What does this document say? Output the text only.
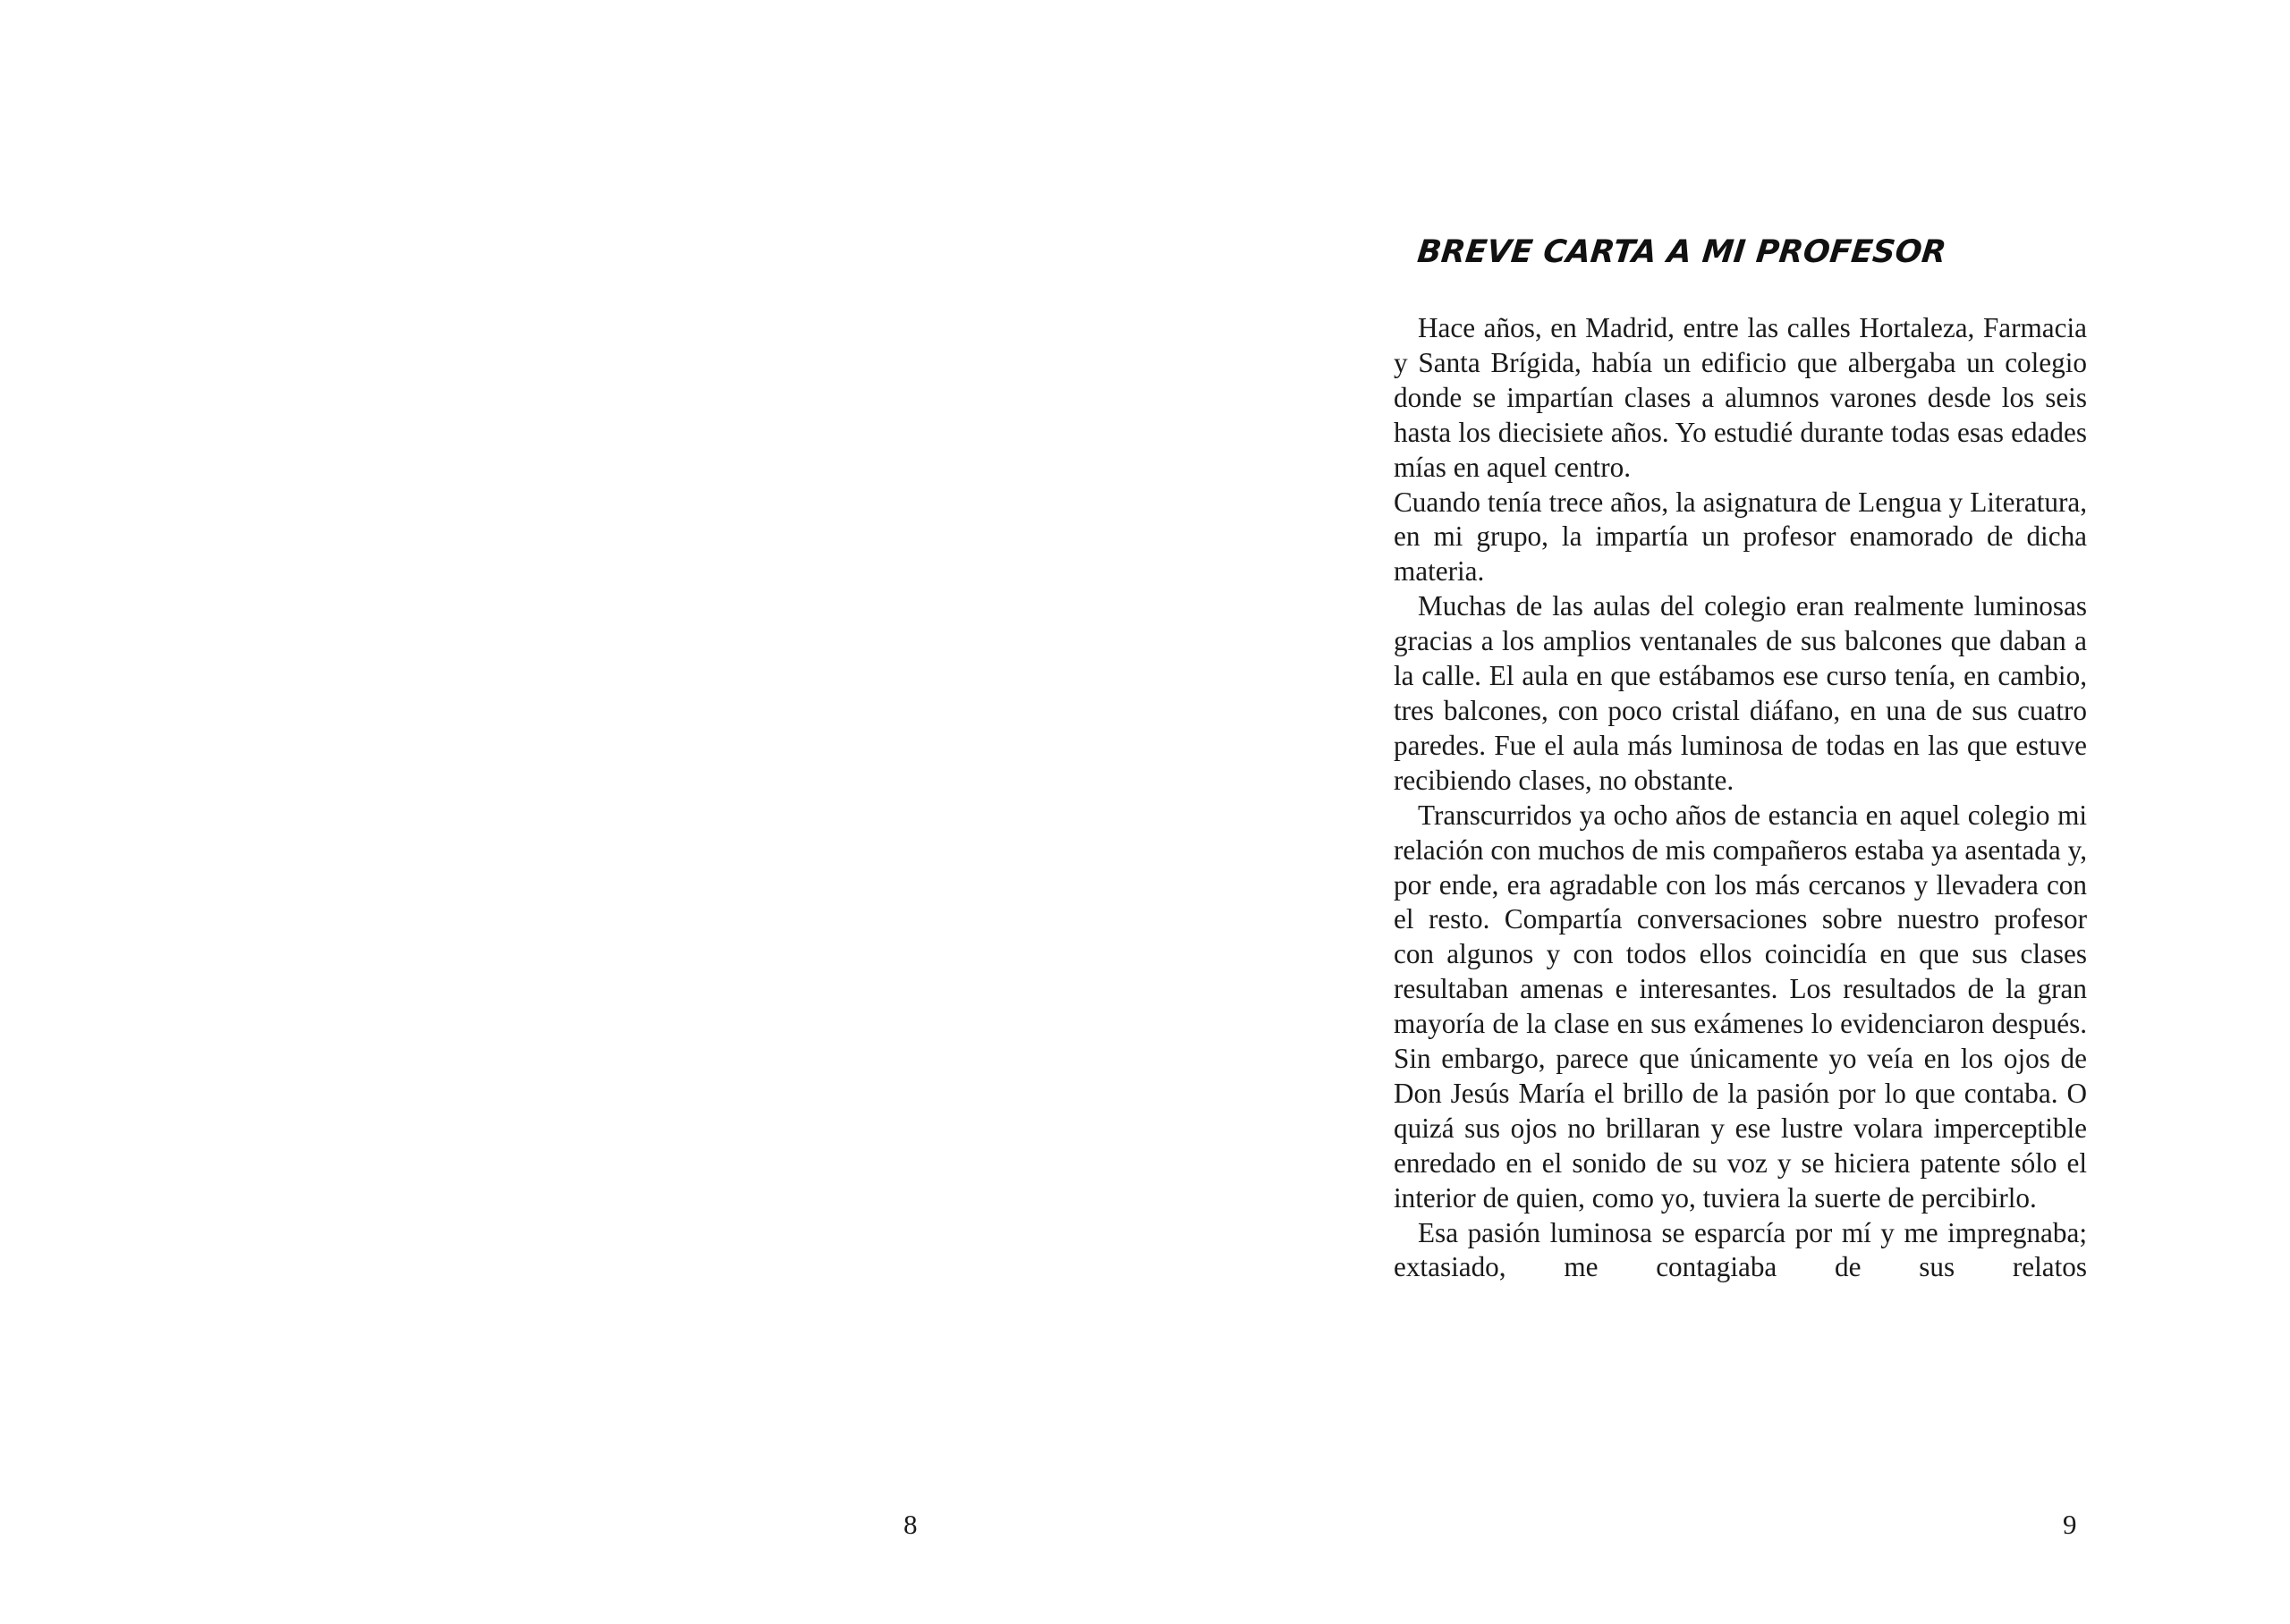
8
BREVE CARTA A MI PROFESOR

Hace años, en Madrid, entre las calles Hortaleza, Farmacia y Santa Brígida, había un edificio que albergaba un colegio donde se impartían clases a alumnos varones desde los seis hasta los diecisiete años. Yo estudié durante todas esas edades mías en aquel centro.

Cuando tenía trece años, la asignatura de Lengua y Literatura, en mi grupo, la impartía un profesor enamorado de dicha materia.

Muchas de las aulas del colegio eran realmente luminosas gracias a los amplios ventanales de sus balcones que daban a la calle. El aula en que estábamos ese curso tenía, en cambio, tres balcones, con poco cristal diáfano, en una de sus cuatro paredes. Fue el aula más luminosa de todas en las que estuve recibiendo clases, no obstante.

Transcurridos ya ocho años de estancia en aquel colegio mi relación con muchos de mis compañeros estaba ya asentada y, por ende, era agradable con los más cercanos y llevadera con el resto. Compartía conversaciones sobre nuestro profesor con algunos y con todos ellos coincidía en que sus clases resultaban amenas e interesantes. Los resultados de la gran mayoría de la clase en sus exámenes lo evidenciaron después. Sin embargo, parece que únicamente yo veía en los ojos de Don Jesús María el brillo de la pasión por lo que contaba. O quizá sus ojos no brillaran y ese lustre volara imperceptible enredado en el sonido de su voz y se hiciera patente sólo el interior de quien, como yo, tuviera la suerte de percibirlo.

Esa pasión luminosa se esparcía por mí y me impregnaba; extasiado, me contagiaba de sus relatos

9
